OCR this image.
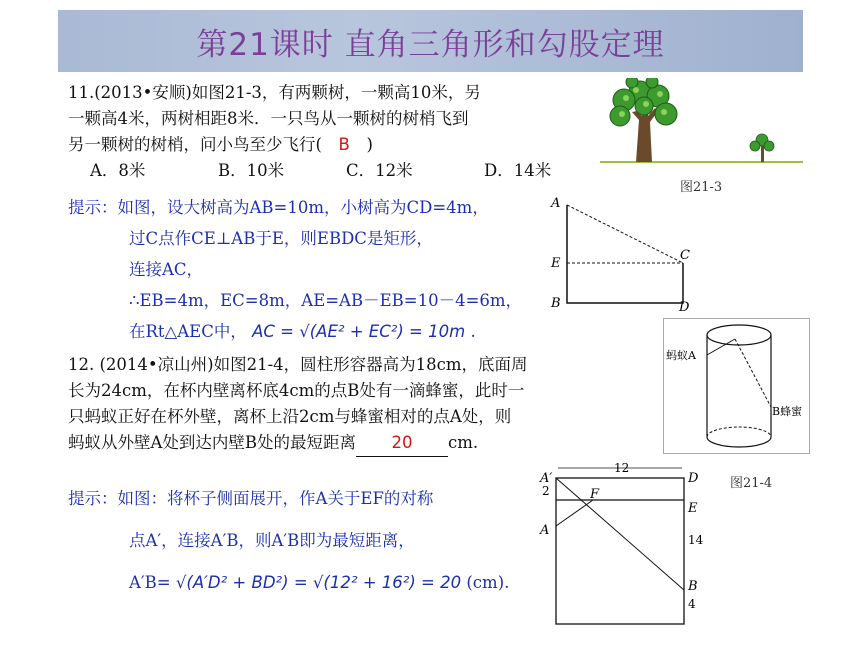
第21课时 直角三角形和勾股定理
11.(2013•安顺)如图21-3，有两颗树，一颗高10米，另
一颗高4米，两树相距8米．一只鸟从一颗树的树梢飞到
另一颗树的树梢，问小鸟至少飞行( B )
A．8米	B．10米	C．12米	D．14米
图21-3
提示：如图，设大树高为AB=10m，小树高为CD=4m，
过C点作CE⊥AB于E，则EBDC是矩形，
连接AC，
∴EB=4m，EC=8m，AE=AB－EB=10－4=6m，
在Rt△AEC中， AC = √(AE² + EC²) = 10m .
A
E
B
C
D
12. (2014•凉山州)如图21-4，圆柱形容器高为18cm，底面周
长为24cm，在杯内壁离杯底4cm的点B处有一滴蜂蜜，此时一
只蚂蚁正好在杯外壁，离杯上沿2cm与蜂蜜相对的点A处，则
蚂蚁从外壁A处到达内壁B处的最短距离 20 cm.
蚂蚁A
B蜂蜜
图21-4
提示：如图：将杯子侧面展开，作A关于EF的对称
点A′，连接A′B，则A′B即为最短距离，
A′B= √(A′D² + BD²) = √(12² + 16²) = 20 (cm).
A′	D
F
E
A
B
12
2
14
4
